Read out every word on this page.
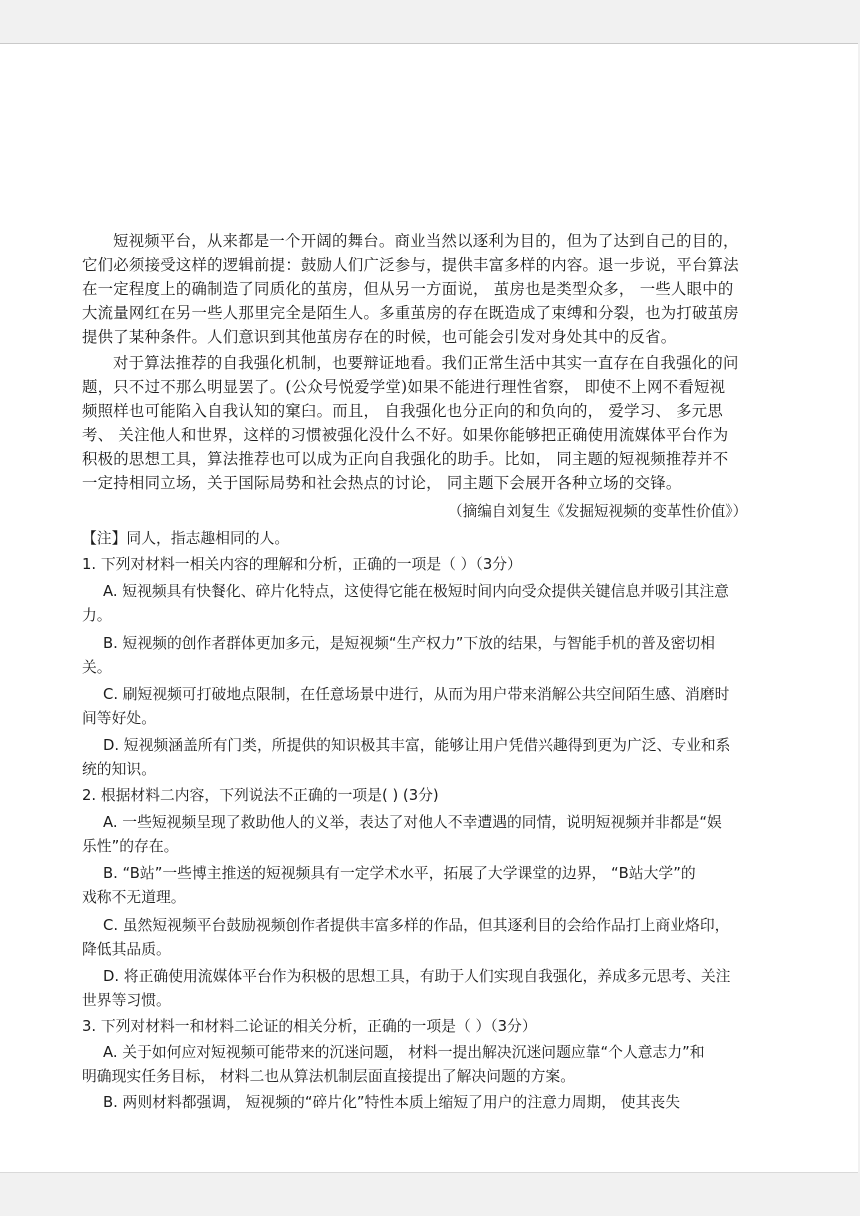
短视频平台，从来都是一个开阔的舞台。商业当然以逐利为目的，但为了达到自己的目的，
它们必须接受这样的逻辑前提：鼓励人们广泛参与，提供丰富多样的内容。退一步说，平台算法
在一定程度上的确制造了同质化的茧房，但从另一方面说， 茧房也是类型众多， 一些人眼中的
大流量网红在另一些人那里完全是陌生人。多重茧房的存在既造成了束缚和分裂，也为打破茧房
提供了某种条件。人们意识到其他茧房存在的时候，也可能会引发对身处其中的反省。
对于算法推荐的自我强化机制，也要辩证地看。我们正常生活中其实一直存在自我强化的问
题，只不过不那么明显罢了。(公众号悦爱学堂)如果不能进行理性省察， 即使不上网不看短视
频照样也可能陷入自我认知的窠臼。而且， 自我强化也分正向的和负向的， 爱学习、 多元思
考、 关注他人和世界，这样的习惯被强化没什么不好。如果你能够把正确使用流媒体平台作为
积极的思想工具，算法推荐也可以成为正向自我强化的助手。比如， 同主题的短视频推荐并不
一定持相同立场，关于国际局势和社会热点的讨论， 同主题下会展开各种立场的交锋。
（摘编自刘复生《发掘短视频的变革性价值》）
【注】同人，指志趣相同的人。
1. 下列对材料一相关内容的理解和分析，正确的一项是（ ）（3分）
A. 短视频具有快餐化、碎片化特点，这使得它能在极短时间内向受众提供关键信息并吸引其注意
力。
B. 短视频的创作者群体更加多元，是短视频“生产权力”下放的结果，与智能手机的普及密切相
关。
C. 刷短视频可打破地点限制，在任意场景中进行，从而为用户带来消解公共空间陌生感、消磨时
间等好处。
D. 短视频涵盖所有门类，所提供的知识极其丰富，能够让用户凭借兴趣得到更为广泛、专业和系
统的知识。
2. 根据材料二内容，下列说法不正确的一项是( ) (3分)
A. 一些短视频呈现了救助他人的义举，表达了对他人不幸遭遇的同情，说明短视频并非都是“娱
乐性”的存在。
B. “B站”一些博主推送的短视频具有一定学术水平，拓展了大学课堂的边界， “B站大学”的
戏称不无道理。
C. 虽然短视频平台鼓励视频创作者提供丰富多样的作品，但其逐利目的会给作品打上商业烙印，
降低其品质。
D. 将正确使用流媒体平台作为积极的思想工具，有助于人们实现自我强化，养成多元思考、关注
世界等习惯。
3. 下列对材料一和材料二论证的相关分析，正确的一项是（ ）（3分）
A. 关于如何应对短视频可能带来的沉迷问题， 材料一提出解决沉迷问题应靠“个人意志力”和
明确现实任务目标， 材料二也从算法机制层面直接提出了解决问题的方案。
B. 两则材料都强调， 短视频的“碎片化”特性本质上缩短了用户的注意力周期， 使其丧失
